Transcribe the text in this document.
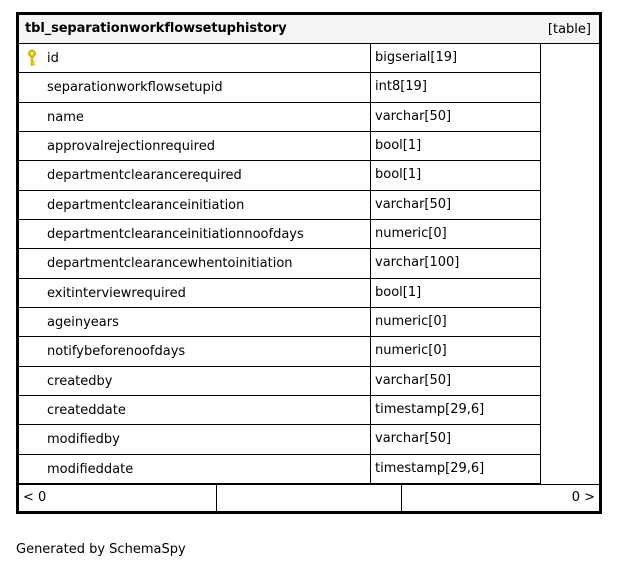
tbl_separationworkflowsetuphistory	[table]
id	bigserial[19]
separationworkflowsetupid	int8[19]
name	varchar[50]
approvalrejectionrequired	bool[1]
departmentclearancerequired	bool[1]
departmentclearanceinitiation	varchar[50]
departmentclearanceinitiationnoofdays	numeric[0]
departmentclearancewhentoinitiation	varchar[100]
exitinterviewrequired	bool[1]
ageinyears	numeric[0]
notifybeforenoofdays	numeric[0]
createdby	varchar[50]
createddate	timestamp[29,6]
modifiedby	varchar[50]
modifieddate	timestamp[29,6]
< 0	0 >
Generated by SchemaSpy
